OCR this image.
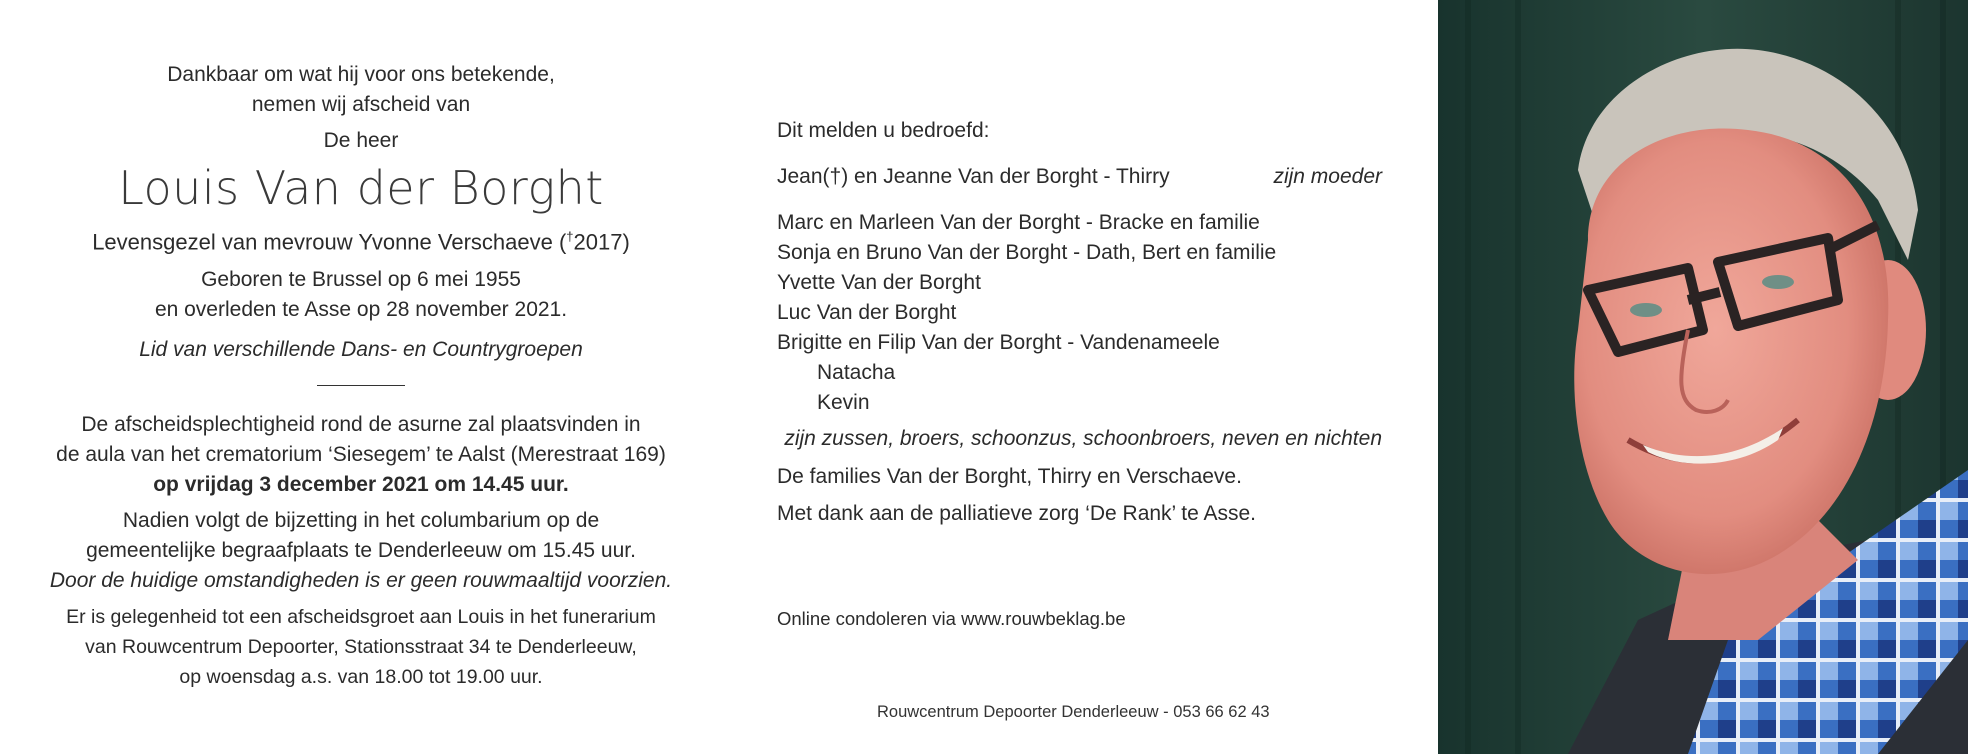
Dankbaar om wat hij voor ons betekende,
nemen wij afscheid van
De heer
Louis Van der Borght
Levensgezel van mevrouw Yvonne Verschaeve (†2017)
Geboren te Brussel op 6 mei 1955
en overleden te Asse op 28 november 2021.
Lid van verschillende Dans- en Countrygroepen
De afscheidsplechtigheid rond de asurne zal plaatsvinden in
de aula van het crematorium ‘Siesegem’ te Aalst (Merestraat 169)
op vrijdag 3 december 2021 om 14.45 uur.
Nadien volgt de bijzetting in het columbarium op de
gemeentelijke begraafplaats te Denderleeuw om 15.45 uur.
Door de huidige omstandigheden is er geen rouwmaaltijd voorzien.
Er is gelegenheid tot een afscheidsgroet aan Louis in het funerarium
van Rouwcentrum Depoorter, Stationsstraat 34 te Denderleeuw,
op woensdag a.s. van 18.00 tot 19.00 uur.
Dit melden u bedroefd:
Jean(†) en Jeanne Van der Borght - Thirry	zijn moeder
Marc en Marleen Van der Borght - Bracke en familie
Sonja en Bruno Van der Borght - Dath, Bert en familie
Yvette Van der Borght
Luc Van der Borght
Brigitte en Filip Van der Borght - Vandenameele
Natacha
Kevin
zijn zussen, broers, schoonzus, schoonbroers, neven en nichten
De families Van der Borght, Thirry en Verschaeve.
Met dank aan de palliatieve zorg ‘De Rank’ te Asse.
Online condoleren via www.rouwbeklag.be
Rouwcentrum Depoorter Denderleeuw - 053 66 62 43
